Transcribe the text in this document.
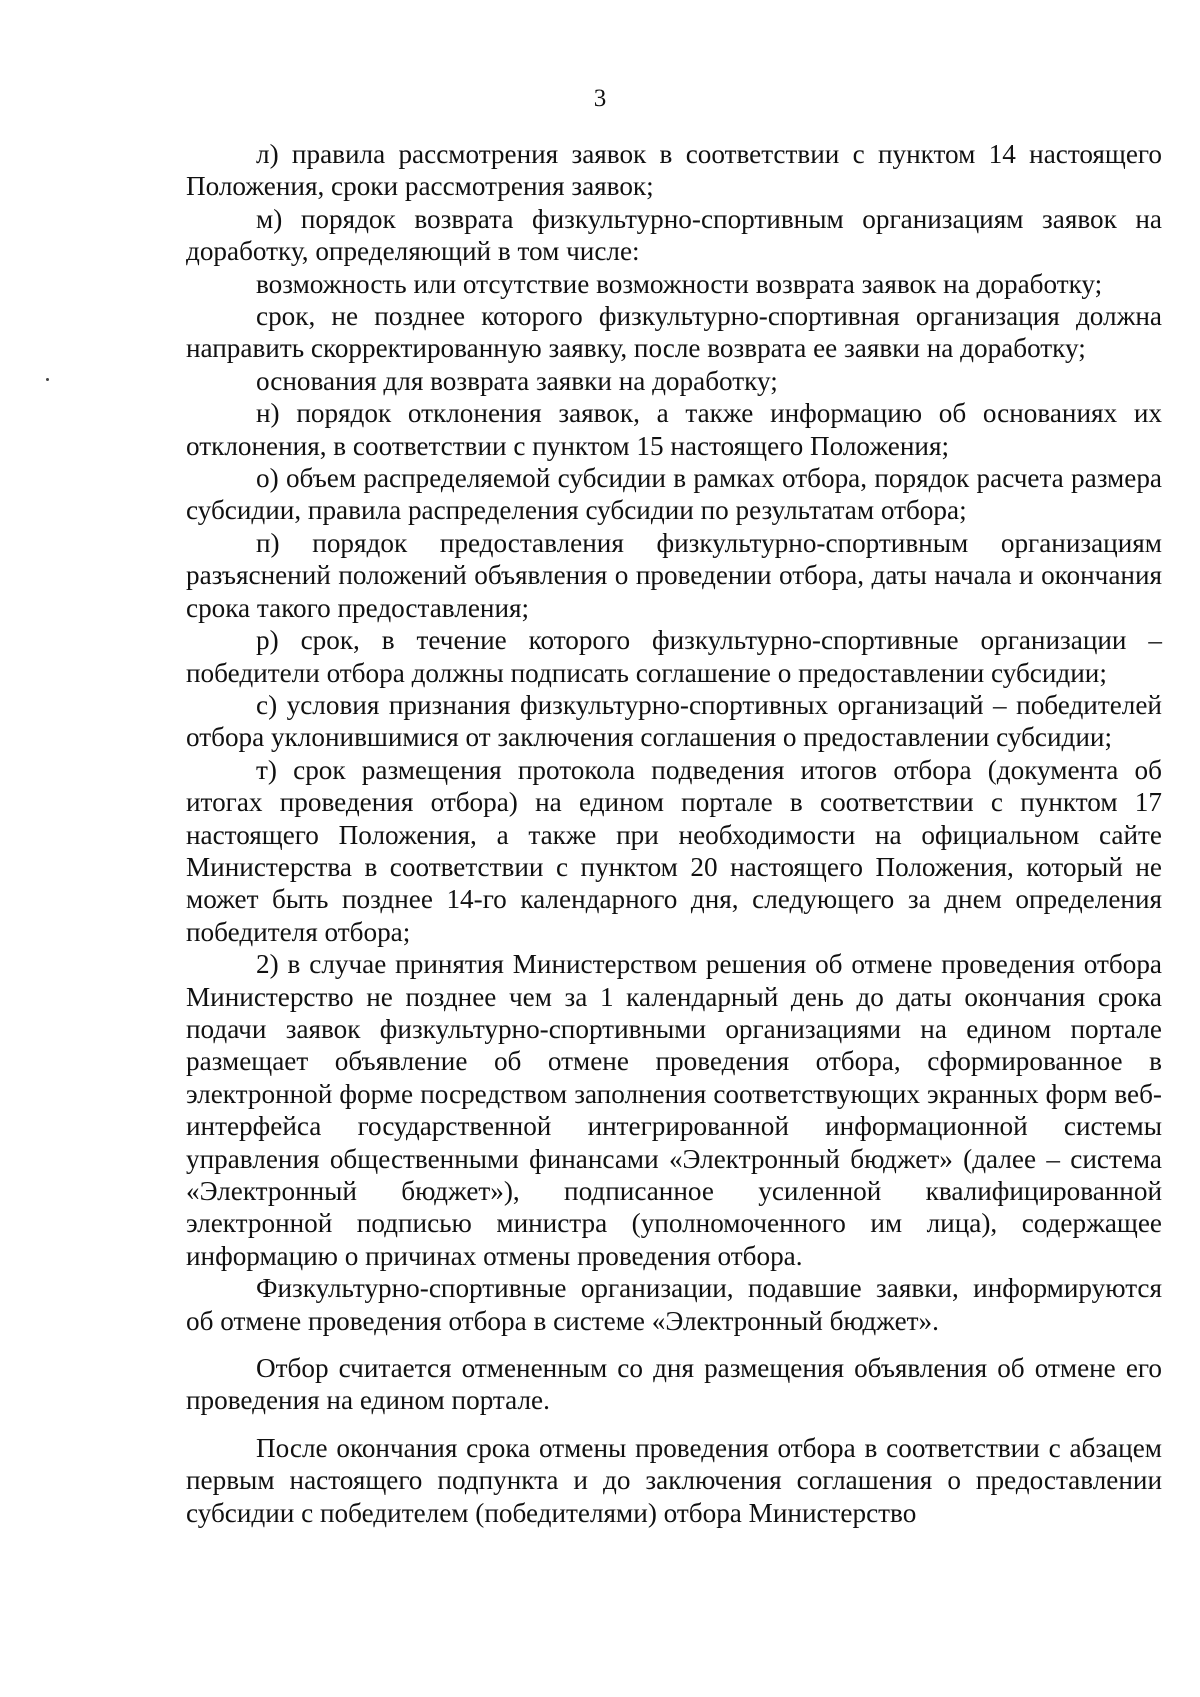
3

л) правила рассмотрения заявок в соответствии с пунктом 14 настоящего Положения, сроки рассмотрения заявок;

м) порядок возврата физкультурно-спортивным организациям заявок на доработку, определяющий в том числе:

возможность или отсутствие возможности возврата заявок на доработку;

срок, не позднее которого физкультурно-спортивная организация должна направить скорректированную заявку, после возврата ее заявки на доработку;

основания для возврата заявки на доработку;

н) порядок отклонения заявок, а также информацию об основаниях их отклонения, в соответствии с пунктом 15 настоящего Положения;

о) объем распределяемой субсидии в рамках отбора, порядок расчета размера субсидии, правила распределения субсидии по результатам отбора;

п) порядок предоставления физкультурно-спортивным организациям разъяснений положений объявления о проведении отбора, даты начала и окончания срока такого предоставления;

р) срок, в течение которого физкультурно-спортивные организации – победители отбора должны подписать соглашение о предоставлении субсидии;

с) условия признания физкультурно-спортивных организаций – победителей отбора уклонившимися от заключения соглашения о предоставлении субсидии;

т) срок размещения протокола подведения итогов отбора (документа об итогах проведения отбора) на едином портале в соответствии с пунктом 17 настоящего Положения, а также при необходимости на официальном сайте Министерства в соответствии с пунктом 20 настоящего Положения, который не может быть позднее 14-го календарного дня, следующего за днем определения победителя отбора;

2) в случае принятия Министерством решения об отмене проведения отбора Министерство не позднее чем за 1 календарный день до даты окончания срока подачи заявок физкультурно-спортивными организациями на едином портале размещает объявление об отмене проведения отбора, сформированное в электронной форме посредством заполнения соответствующих экранных форм веб-интерфейса государственной интегрированной информационной системы управления общественными финансами «Электронный бюджет» (далее – система «Электронный бюджет»), подписанное усиленной квалифицированной электронной подписью министра (уполномоченного им лица), содержащее информацию о причинах отмены проведения отбора.

Физкультурно-спортивные организации, подавшие заявки, информируются об отмене проведения отбора в системе «Электронный бюджет».

Отбор считается отмененным со дня размещения объявления об отмене его проведения на едином портале.

После окончания срока отмены проведения отбора в соответствии с абзацем первым настоящего подпункта и до заключения соглашения о предоставлении субсидии с победителем (победителями) отбора Министерство
